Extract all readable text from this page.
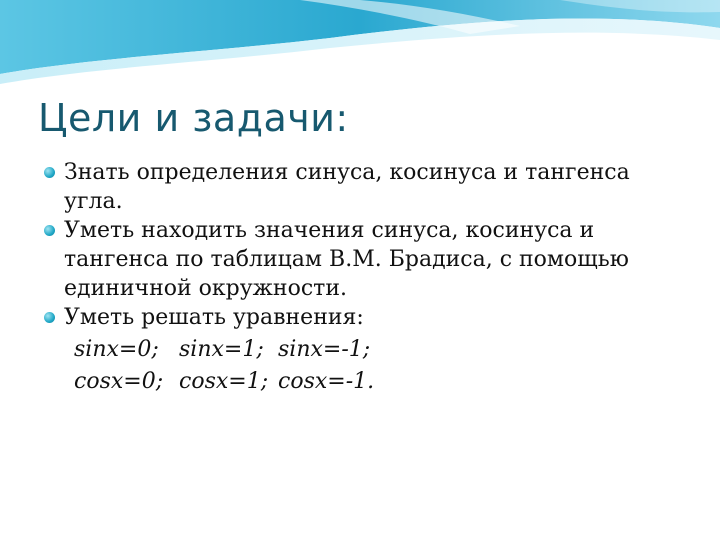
Цели и задачи:
Знать определения синуса, косинуса и тангенса угла.
Уметь находить значения синуса, косинуса и тангенса по таблицам В.М. Брадиса, с помощью единичной окружности.
Уметь решать уравнения:
sinx=0; sinx=1; sinx=-1;
cosx=0; cosx=1; cosx=-1.
